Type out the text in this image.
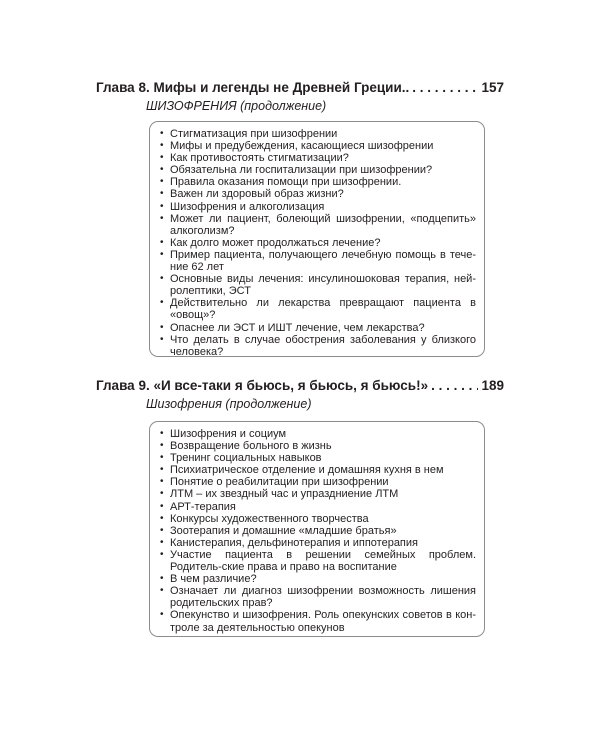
Глава 8. Мифы и легенды не Древней Греции.. . . .	157
ШИЗОФРЕНИЯ (продолжение)
• Стигматизация при шизофрении
• Мифы и предубеждения, касающиеся шизофрении
• Как противостоять стигматизации?
• Обязательна ли госпитализации при шизофрении?
• Правила оказания помощи при шизофрении.
• Важен ли здоровый образ жизни?
• Шизофрения и алкоголизация
• Может ли пациент, болеющий шизофрении, «подцепить» алкоголизм?
• Как долго может продолжаться лечение?
• Пример пациента, получающего лечебную помощь в тече-ние 62 лет
• Основные виды лечения: инсулиношоковая терапия, ней-ролептики, ЭСТ
• Действительно ли лекарства превращают пациента в «овощ»?
• Опаснее ли ЭСТ и ИШТ лечение, чем лекарства?
• Что делать в случае обострения заболевания у близкого человека?
Глава 9. «И все-таки я бьюсь, я бьюсь, я бьюсь!» . . .	189
Шизофрения (продолжение)
• Шизофрения и социум
• Возвращение больного в жизнь
• Тренинг социальных навыков
• Психиатрическое отделение и домашняя кухня в нем
• Понятие о реабилитации при шизофрении
• ЛТМ – их звездный час и упраздниение ЛТМ
• АРТ-терапия
• Конкурсы художественного творчества
• Зоотерапия и домашние «младшие братья»
• Канистерапия, дельфинотерапия и иппотерапия
• Участие пациента в решении семейных проблем. Родитель-ские права и право на воспитание
• В чем различие?
• Означает ли диагноз шизофрении возможность лишения родительских прав?
• Опекунство и шизофрения. Роль опекунских советов в кон-троле за деятельностью опекунов
